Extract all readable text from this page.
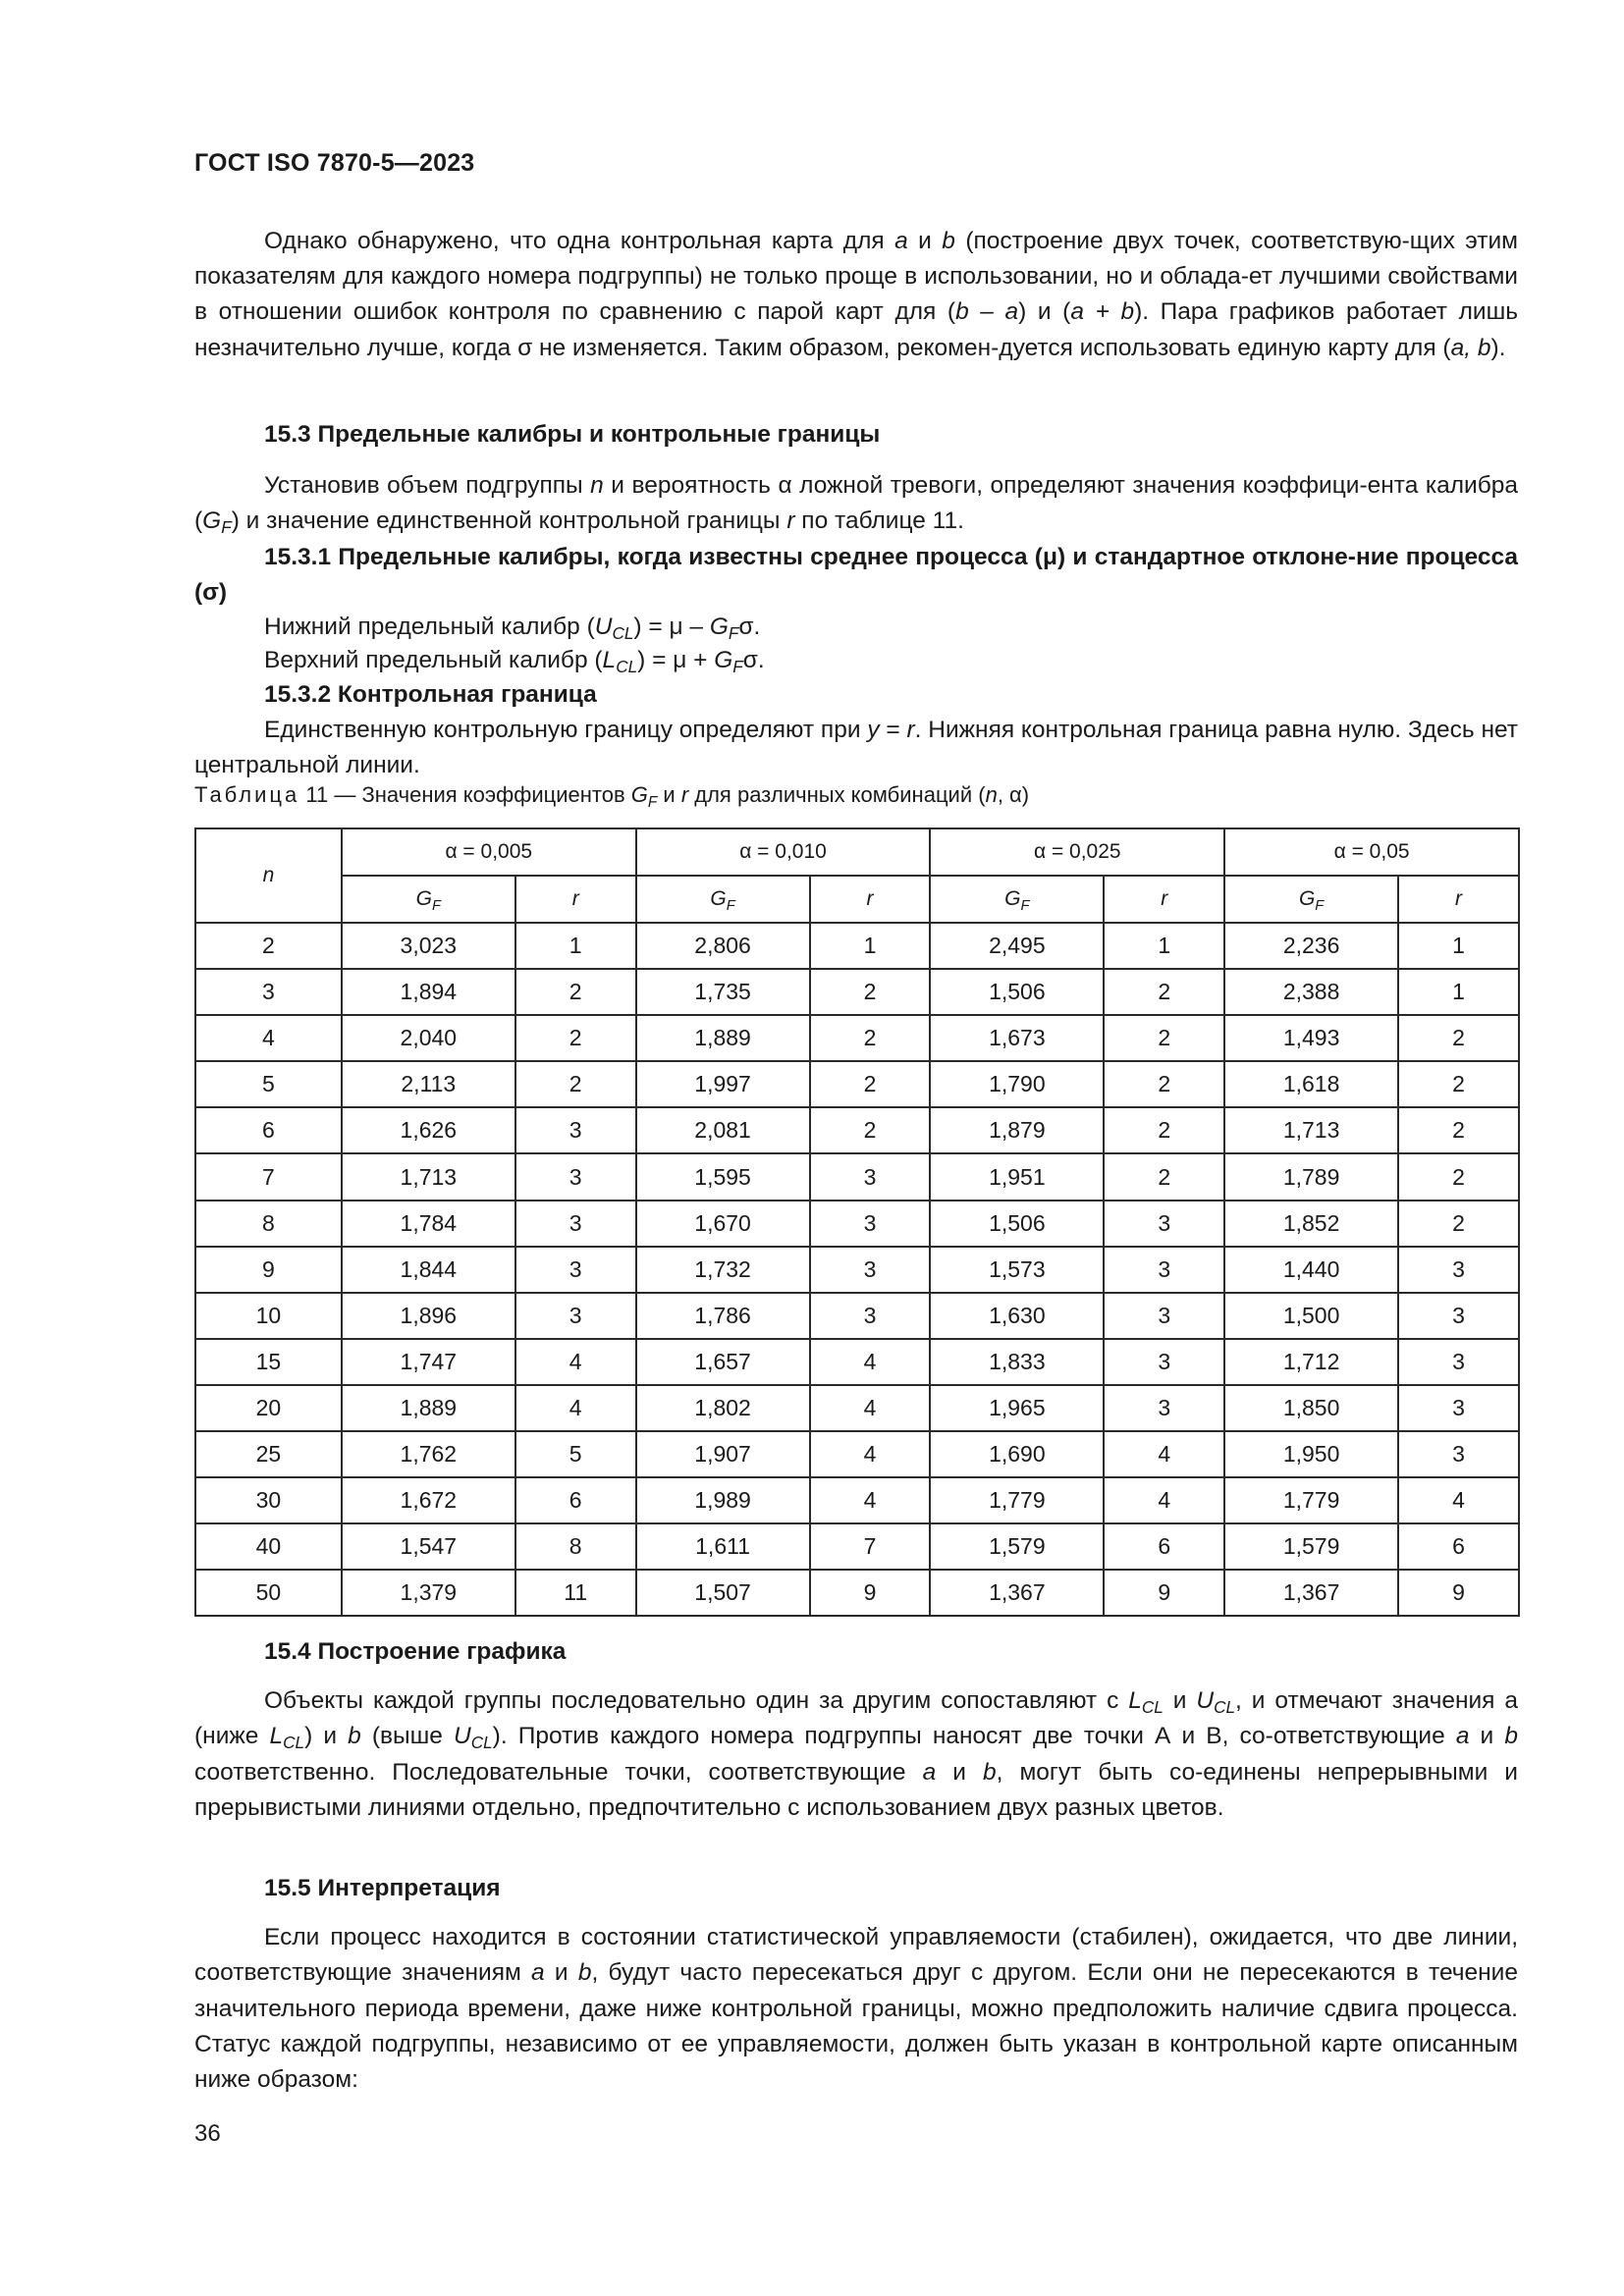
ГОСТ ISO 7870-5—2023

Однако обнаружено, что одна контрольная карта для a и b (построение двух точек, соответствую-щих этим показателям для каждого номера подгруппы) не только проще в использовании, но и облада-ет лучшими свойствами в отношении ошибок контроля по сравнению с парой карт для (b – a) и (a + b). Пара графиков работает лишь незначительно лучше, когда σ не изменяется. Таким образом, рекомен-дуется использовать единую карту для (a, b).

15.3 Предельные калибры и контрольные границы

Установив объем подгруппы n и вероятность α ложной тревоги, определяют значения коэффици-ента калибра $(G_F)$ и значение единственной контрольной границы r по таблице 11.

15.3.1 Предельные калибры, когда известны среднее процесса (μ) и стандартное отклоне-ние процесса (σ)

Нижний предельный калибр $(U_{CL}) = \mu - G_F\sigma$.

Верхний предельный калибр $(L_{CL}) = \mu + G_F\sigma$.

15.3.2 Контрольная граница

Единственную контрольную границу определяют при y = r. Нижняя контрольная граница равна нулю. Здесь нет центральной линии.

Таблица 11 — Значения коэффициентов $G_F$ и r для различных комбинаций (n, α)
n	α = 0,005		α = 0,010		α = 0,025		α = 0,05	
	$G_F$	r	$G_F$	r	$G_F$	r	$G_F$	r
2	3,023	1	2,806	1	2,495	1	2,236	1
3	1,894	2	1,735	2	1,506	2	2,388	1
4	2,040	2	1,889	2	1,673	2	1,493	2
5	2,113	2	1,997	2	1,790	2	1,618	2
6	1,626	3	2,081	2	1,879	2	1,713	2
7	1,713	3	1,595	3	1,951	2	1,789	2
8	1,784	3	1,670	3	1,506	3	1,852	2
9	1,844	3	1,732	3	1,573	3	1,440	3
10	1,896	3	1,786	3	1,630	3	1,500	3
15	1,747	4	1,657	4	1,833	3	1,712	3
20	1,889	4	1,802	4	1,965	3	1,850	3
25	1,762	5	1,907	4	1,690	4	1,950	3
30	1,672	6	1,989	4	1,779	4	1,779	4
40	1,547	8	1,611	7	1,579	6	1,579	6
50	1,379	11	1,507	9	1,367	9	1,367	9

15.4 Построение графика

Объекты каждой группы последовательно один за другим сопоставляют с $L_{CL}$ и $U_{CL}$, и отмечают значения а (ниже $L_{CL}$) и b (выше $U_{CL}$). Против каждого номера подгруппы наносят две точки А и В, со-ответствующие a и b соответственно. Последовательные точки, соответствующие a и b, могут быть со-единены непрерывными и прерывистыми линиями отдельно, предпочтительно с использованием двух разных цветов.

15.5 Интерпретация

Если процесс находится в состоянии статистической управляемости (стабилен), ожидается, что две линии, соответствующие значениям a и b, будут часто пересекаться друг с другом. Если они не пересекаются в течение значительного периода времени, даже ниже контрольной границы, можно предположить наличие сдвига процесса. Статус каждой подгруппы, независимо от ее управляемости, должен быть указан в контрольной карте описанным ниже образом:

36
